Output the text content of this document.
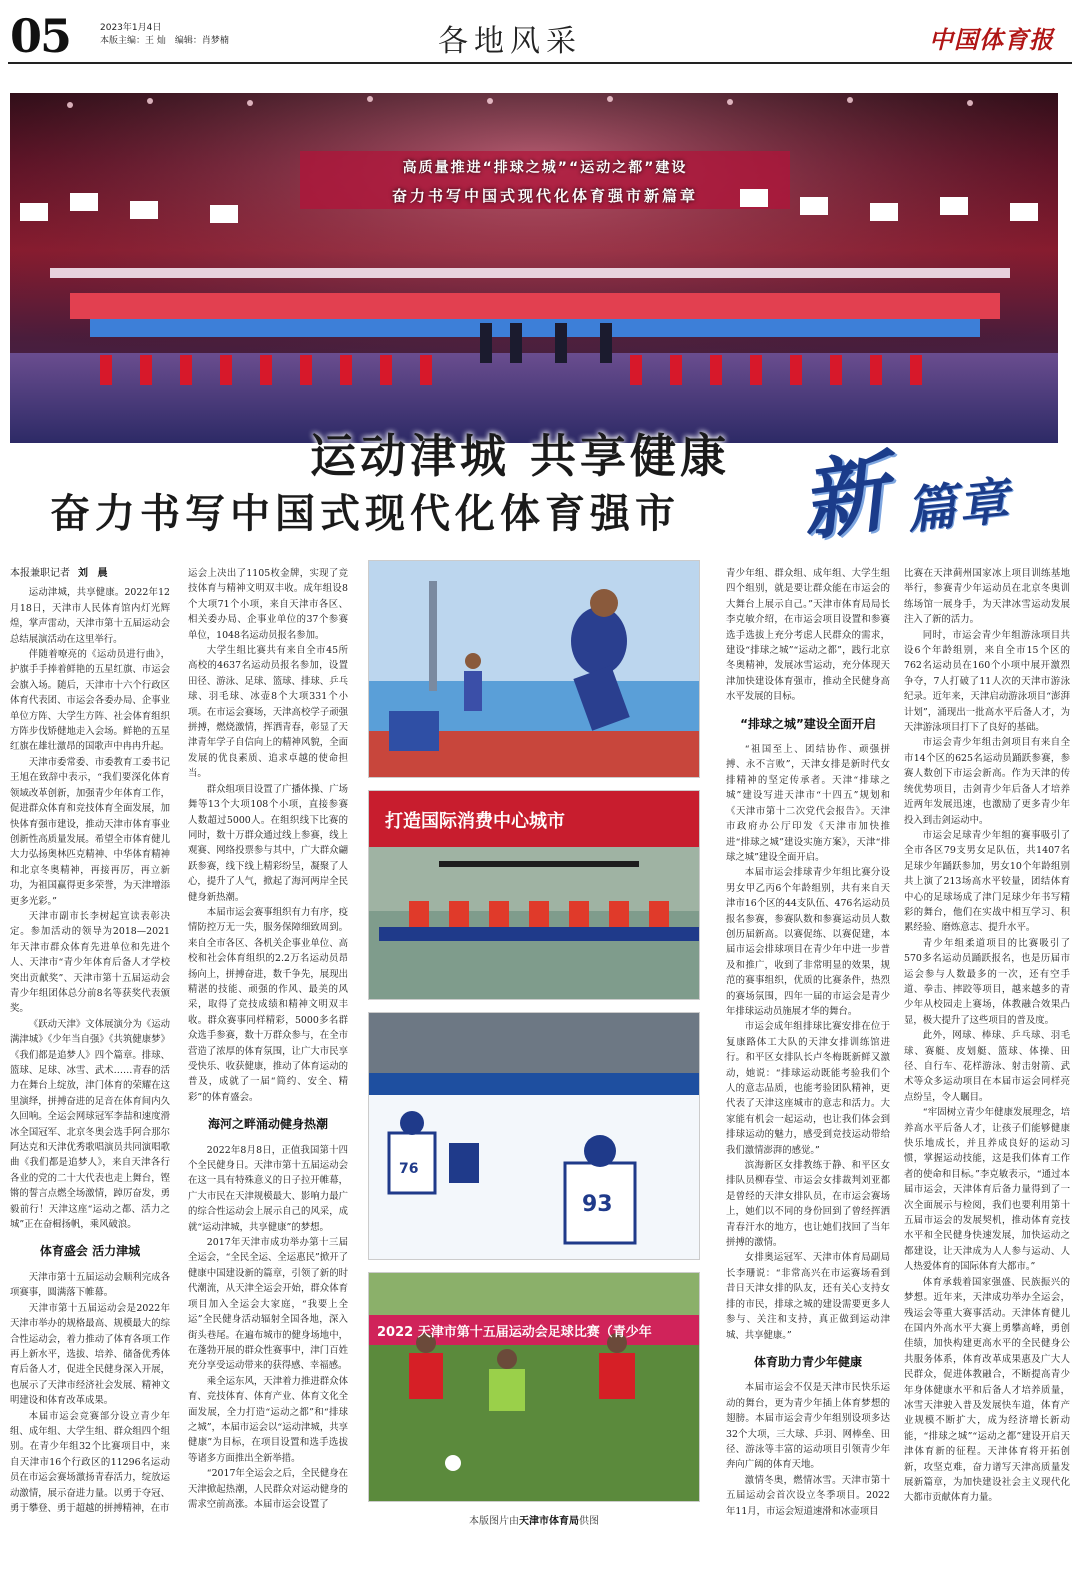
05	2023年1月4日
本版主编：王 灿　编辑：肖梦楠	各地风采	中国体育报
高质量推进“排球之城”“运动之都”建设
奋力书写中国式现代化体育强市新篇章
运动津城 共享健康
奋力书写中国式现代化体育强市 新 篇章

本报兼职记者 刘 晨

运动津城，共享健康。2022年12月18日，天津市人民体育馆内灯光辉煌，掌声雷动，天津市第十五届运动会总结展演活动在这里举行。

伴随着嘹亮的《运动员进行曲》，护旗手手捧着鲜艳的五星红旗、市运会会旗入场。随后，天津市十六个行政区体育代表团、市运会各委办局、企事业单位方阵、大学生方阵、社会体育组织方阵步伐矫健地走入会场。鲜艳的五星红旗在雄壮激昂的国歌声中冉冉升起。

天津市委常委、市委教育工委书记王旭在致辞中表示，“我们要深化体育领域改革创新，加强青少年体育工作，促进群众体育和竞技体育全面发展，加快体育强市建设，推动天津市体育事业创新性高质量发展。希望全市体育健儿大力弘扬奥林匹克精神、中华体育精神和北京冬奥精神，再接再厉，再立新功，为祖国赢得更多荣誉，为天津增添更多光彩。”

天津市副市长李树起宣读表彰决定。参加活动的领导为2018—2021年天津市群众体育先进单位和先进个人、天津市“青少年体育后备人才学校突出贡献奖”、天津市第十五届运动会青少年组团体总分前8名等获奖代表颁奖。

《跃动天津》文体展演分为《运动满津城》《少年当自强》《共筑健康梦》《我们都是追梦人》四个篇章。排球、篮球、足球、冰雪、武术……青春的活力在舞台上绽放，津门体育的荣耀在这里演绎，拼搏奋进的足音在体育间内久久回响。全运会网球冠军李喆和速度滑冰全国冠军、北京冬奥会选手阿合那尔阿达克和天津优秀歌唱演员共同演唱歌曲《我们都是追梦人》，来自天津各行各业的党的二十大代表也走上舞台，铿锵的誓言点燃全场激情，踔厉奋发，勇毅前行！天津这座“运动之都、活力之城”正在奋楫扬帆，乘风破浪。

体育盛会 活力津城

天津市第十五届运动会顺利完成各项赛事，圆满落下帷幕。

天津市第十五届运动会是2022年天津市举办的规格最高、规模最大的综合性运动会，着力推动了体育各项工作再上新水平，选拔、培养、储备优秀体育后备人才，促进全民健身深入开展，也展示了天津市经济社会发展、精神文明建设和体育改革成果。

本届市运会竞赛部分设立青少年组、成年组、大学生组、群众组四个组别。在青少年组32个比赛项目中，来自天津市16个行政区的11296名运动员在市运会赛场激扬青春活力，绽放运动激情，展示奋进力量。以勇于夺冠、勇于攀登、勇于超越的拼搏精神，在市

运会上决出了1105枚金牌，实现了竞技体育与精神文明双丰收。成年组设8个大项71个小项，来自天津市各区、相关委办局、企事业单位的37个参赛单位，1048名运动员报名参加。

大学生组比赛共有来自全市45所高校的4637名运动员报名参加，设置田径、游泳、足球、篮球、排球、乒乓球、羽毛球、冰壶8个大项331个小项。在市运会赛场，天津高校学子顽强拼搏，燃烧激情，挥洒青春，彰显了天津青年学子自信向上的精神风貌，全面发展的优良素质、追求卓越的使命担当。

群众组项目设置了广播体操、广场舞等13个大项108个小项，直接参赛人数超过5000人。在组织线下比赛的同时，数十万群众通过线上参赛，线上观赛、网络投票参与其中，广大群众翩跃参赛，线下线上精彩纷呈，凝聚了人心，提升了人气，掀起了海河两岸全民健身新热潮。

本届市运会赛事组织有力有序，疫情防控万无一失，服务保障细致周到。来自全市各区、各机关企事业单位、高校和社会体育组织的2.2万名运动员昂扬向上，拼搏奋进，数千争先，展现出精湛的技能、顽强的作风、最美的风采，取得了竞技成绩和精神文明双丰收。群众赛事同样精彩，5000多名群众选手参赛，数十万群众参与，在全市营造了浓厚的体育氛围，让广大市民享受快乐、收获健康，推动了体育运动的普及，成就了一届“简约、安全、精彩”的体育盛会。

海河之畔涌动健身热潮

2022年8月8日，正值我国第十四个全民健身日。天津市第十五届运动会在这一具有特殊意义的日子拉开帷幕，广大市民在天津规模最大、影响力最广的综合性运动会上展示自己的风采，成就“运动津城，共享健康”的梦想。

2017年天津市成功举办第十三届全运会，“全民全运、全运惠民”掀开了健康中国建设新的篇章，引领了新的时代潮流，从天津全运会开始，群众体育项目加入全运会大家庭，“我要上全运”全民健身活动辐射全国各地，深入街头巷尾。在遍布城市的健身场地中，在蓬勃开展的群众性赛事中，津门百姓充分享受运动带来的获得感、幸福感。

乘全运东风，天津着力推进群众体育、竞技体育、体育产业、体育文化全面发展，全力打造“运动之都”和“排球之城”，本届市运会以“运动津城，共享健康”为目标，在项目设置和选手选拔等诸多方面推出全新举措。

“2017年全运会之后，全民健身在天津掀起热潮，人民群众对运动健身的需求空前高涨。本届市运会设置了

打造国际消费中心城市
76
93
2022 天津市第十五届运动会足球比赛（青少年
本版图片由天津市体育局供图

青少年组、群众组、成年组、大学生组四个组别，就是要让群众能在市运会的大舞台上展示自己。”天津市体育局局长李克敏介绍，在市运会项目设置和参赛选手选拔上充分考虑人民群众的需求，建设“排球之城”“运动之都”，践行北京冬奥精神，发展冰雪运动，充分体现天津加快建设体育强市，推动全民健身高水平发展的目标。

“排球之城”建设全面开启

“祖国至上、团结协作、顽强拼搏、永不言败”，天津女排是新时代女排精神的坚定传承者。天津“排球之城”建设写进天津市“十四五”规划和《天津市第十二次党代会报告》。天津市政府办公厅印发《天津市加快推进“排球之城”建设实施方案》，天津“排球之城”建设全面开启。

本届市运会排球青少年组比赛分设男女甲乙丙6个年龄组别，共有来自天津市16个区的44支队伍、476名运动员报名参赛，参赛队数和参赛运动员人数创历届新高。以赛促练、以赛促建，本届市运会排球项目在青少年中进一步普及和推广，收到了非常明显的效果，规范的赛事组织，优质的比赛条件，热烈的赛场氛围，四年一届的市运会是青少年排球运动员施展才华的舞台。

市运会成年组排球比赛安排在位于复康路体工大队的天津女排训练馆进行。和平区女排队长卢冬梅既新鲜又激动，她说：“排球运动既能考验我们个人的意志品质，也能考验团队精神，更代表了天津这座城市的意志和活力。大家能有机会一起运动，也让我们体会到排球运动的魅力，感受到竞技运动带给我们激情澎湃的感觉。”

滨海新区女排教练于静、和平区女排队员柳春莹、市运会女排裁判刘亚都是曾经的天津女排队员，在市运会赛场上，她们以不同的身份回到了曾经挥洒青春汗水的地方，也让她们找回了当年拼搏的激情。

女排奥运冠军、天津市体育局副局长李珊说：“非常高兴在市运赛场看到昔日天津女排的队友，还有关心支持女排的市民，排球之城的建设需要更多人参与、关注和支持，真正做到运动津城、共享健康。”

体育助力青少年健康

本届市运会不仅是天津市民快乐运动的舞台，更为青少年插上体育梦想的翅膀。本届市运会青少年组别设项多达32个大项，三大球、乒羽、网棒垒、田径、游泳等丰富的运动项目引领青少年奔向广阔的体育天地。

激情冬奥，燃情冰雪。天津市第十五届运动会首次设立冬季项目。2022年11月，市运会短道速滑和冰壶项目

比赛在天津蓟州国家冰上项目训练基地举行，参赛青少年运动员在北京冬奥训练场馆一展身手，为天津冰雪运动发展注入了新的活力。

同时，市运会青少年组游泳项目共设6个年龄组别，来自全市15个区的762名运动员在160个小项中展开激烈争夺，7人打破了11人次的天津市游泳纪录。近年来，天津启动游泳项目“澎湃计划”，涌现出一批高水平后备人才，为天津游泳项目打下了良好的基础。

市运会青少年组击剑项目有来自全市14个区的625名运动员踊跃参赛，参赛人数创下市运会新高。作为天津的传统优势项目，击剑青少年后备人才培养近两年发展迅速，也激励了更多青少年投入到击剑运动中。

市运会足球青少年组的赛事吸引了全市各区79支男女足队伍，共1407名足球少年踊跃参加，男女10个年龄组别共上演了213场高水平较量，团结体育中心的足球场成了津门足球少年书写精彩的舞台，他们在实战中相互学习、积累经验、磨炼意志、提升水平。

青少年组柔道项目的比赛吸引了570多名运动员踊跃报名，也是历届市运会参与人数最多的一次，还有空手道、拳击、摔跤等项目，越来越多的青少年从校园走上赛场，体教融合效果凸显，极大提升了这些项目的普及度。

此外，网球、棒球、乒乓球、羽毛球、赛艇、皮划艇、篮球、体操、田径、自行车、花样游泳、射击射箭、武术等众多运动项目在本届市运会同样亮点纷呈，令人瞩目。

“牢固树立青少年健康发展理念，培养高水平后备人才，让孩子们能够健康快乐地成长，并且养成良好的运动习惯，掌握运动技能，这是我们体育工作者的使命和目标。”李克敏表示，“通过本届市运会，天津体育后备力量得到了一次全面展示与检阅，我们也要利用第十五届市运会的发展契机，推动体育竞技水平和全民健身快速发展，加快运动之都建设，让天津成为人人参与运动、人人热爱体育的国际体育大都市。”

体育承载着国家强盛、民族振兴的梦想。近年来，天津成功举办全运会，残运会等重大赛事活动。天津体育健儿在国内外高水平大赛上勇攀高峰，勇创佳绩，加快构建更高水平的全民健身公共服务体系，体育改革成果惠及广大人民群众，促进体教融合，不断提高青少年身体健康水平和后备人才培养质量，冰雪天津驶入普及发展快车道，体育产业规模不断扩大，成为经济增长新动能，“排球之城”“运动之都”建设开启天津体育新的征程。天津体育将开拓创新，攻坚克难，奋力谱写天津高质量发展新篇章，为加快建设社会主义现代化大都市贡献体育力量。
